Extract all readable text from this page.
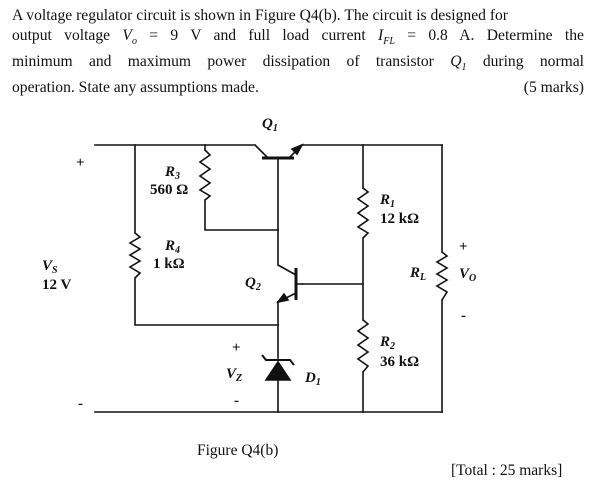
A voltage regulator circuit is shown in Figure Q4(b). The circuit is designed for

output voltage $V_o = 9$ V and full load current $I_{FL} = 0.8$ A. Determine the

minimum and maximum power dissipation of transistor $Q_1$ during normal

operation. State any assumptions made.	(5 marks)

$Q_1$
$Q_2$
$R_3$
560 Ω
$R_4$
1 kΩ
$R_1$
12 kΩ
$R_2$
36 kΩ
$R_L$
$V_S$
12 V
$V_O$
$V_Z$	$D_1$
+
-
+
-
+
-
Figure Q4(b)
[Total : 25 marks]
